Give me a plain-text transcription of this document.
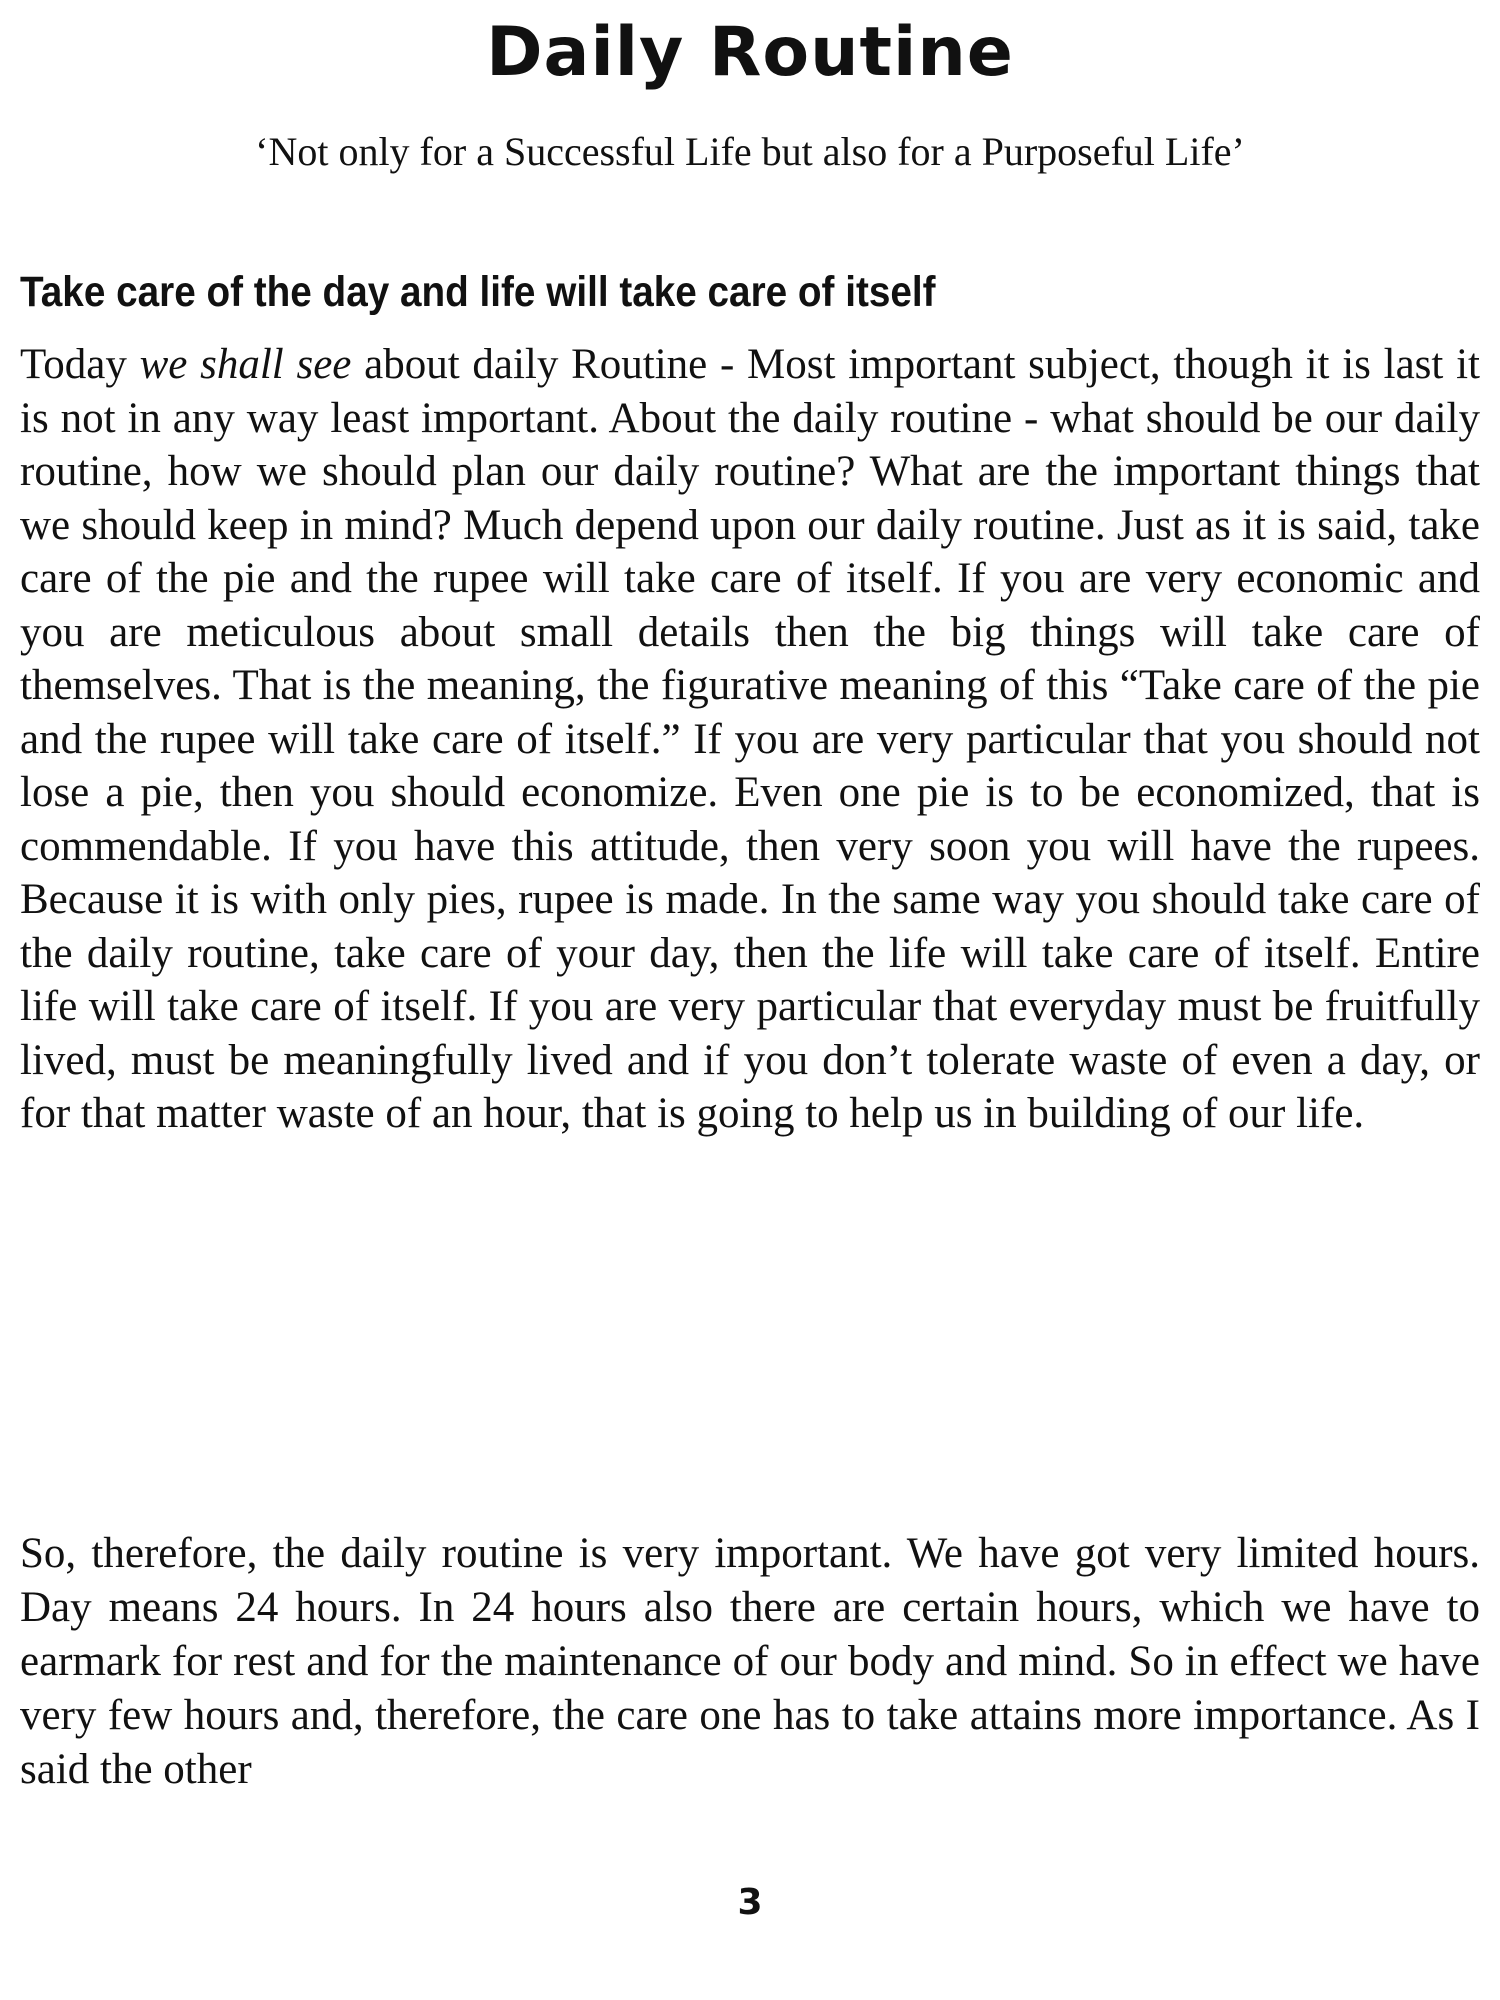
Daily Routine

‘Not only for a Successful Life but also for a Purposeful Life’

Take care of the day and life will take care of itself

Today we shall see about daily Routine - Most important subject, though it is last it is not in any way least important. About the daily routine - what should be our daily routine, how we should plan our daily routine? What are the important things that we should keep in mind? Much depend upon our daily routine. Just as it is said, take care of the pie and the rupee will take care of itself. If you are very economic and you are meticulous about small details then the big things will take care of themselves. That is the meaning, the figurative meaning of this “Take care of the pie and the rupee will take care of itself.” If you are very particular that you should not lose a pie, then you should economize. Even one pie is to be economized, that is commendable. If you have this attitude, then very soon you will have the rupees. Because it is with only pies, rupee is made. In the same way you should take care of the daily routine, take care of your day, then the life will take care of itself. Entire life will take care of itself. If you are very particular that everyday must be fruitfully lived, must be meaningfully lived and if you don’t tolerate waste of even a day, or for that matter waste of an hour, that is going to help us in building of our life.

So, therefore, the daily routine is very important. We have got very limited hours. Day means 24 hours. In 24 hours also there are certain hours, which we have to earmark for rest and for the maintenance of our body and mind. So in effect we have very few hours and, therefore, the care one has to take attains more importance. As I said the other

3
